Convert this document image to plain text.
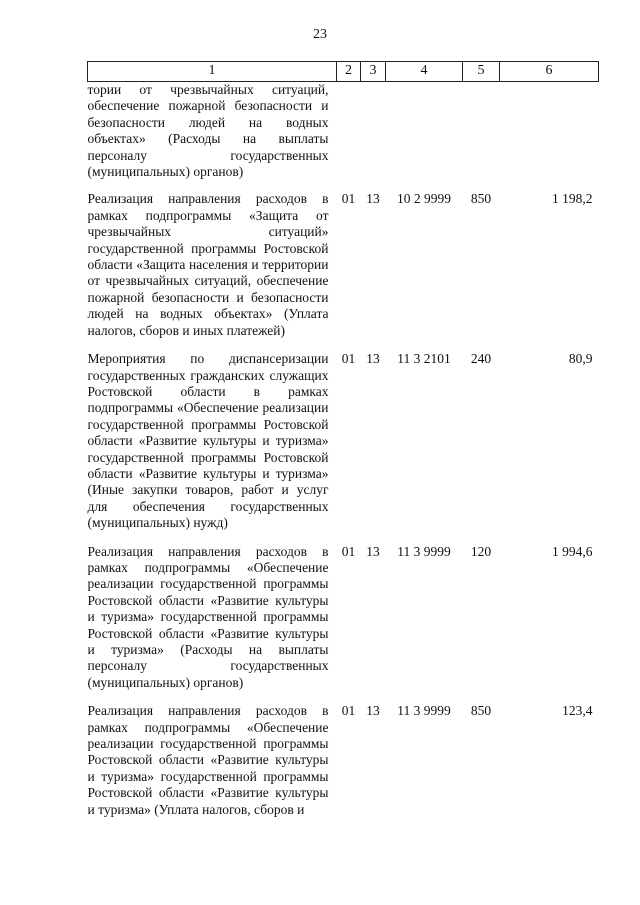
23
1	2	3	4	5	6
тории от чрезвычайных ситуаций, обеспечение пожарной безопасности и безопасности людей на водных объектах» (Расходы на выплаты персоналу государственных (муниципальных) органов)					
Реализация направления расходов в рамках подпрограммы «Защита от чрезвычайных ситуаций» государственной программы Ростовской области «Защита населения и территории от чрезвычайных ситуаций, обеспечение пожарной безопасности и безопасности людей на водных объектах» (Уплата налогов, сборов и иных платежей)	01	13	10 2 9999	850	1 198,2
Мероприятия по диспансеризации государственных гражданских служащих Ростовской области в рамках подпрограммы «Обеспечение реализации государственной программы Ростовской области «Развитие культуры и туризма» государственной программы Ростовской области «Развитие культуры и туризма» (Иные закупки товаров, работ и услуг для обеспечения государственных (муниципальных) нужд)	01	13	11 3 2101	240	80,9
Реализация направления расходов в рамках подпрограммы «Обеспечение реализации государственной программы Ростовской области «Развитие культуры и туризма» государственной программы Ростовской области «Развитие культуры и туризма» (Расходы на выплаты персоналу государственных (муниципальных) органов)	01	13	11 3 9999	120	1 994,6
Реализация направления расходов в рамках подпрограммы «Обеспечение реализации государственной программы Ростовской области «Развитие культуры и туризма» государственной программы Ростовской области «Развитие культуры и туризма» (Уплата налогов, сборов и	01	13	11 3 9999	850	123,4
